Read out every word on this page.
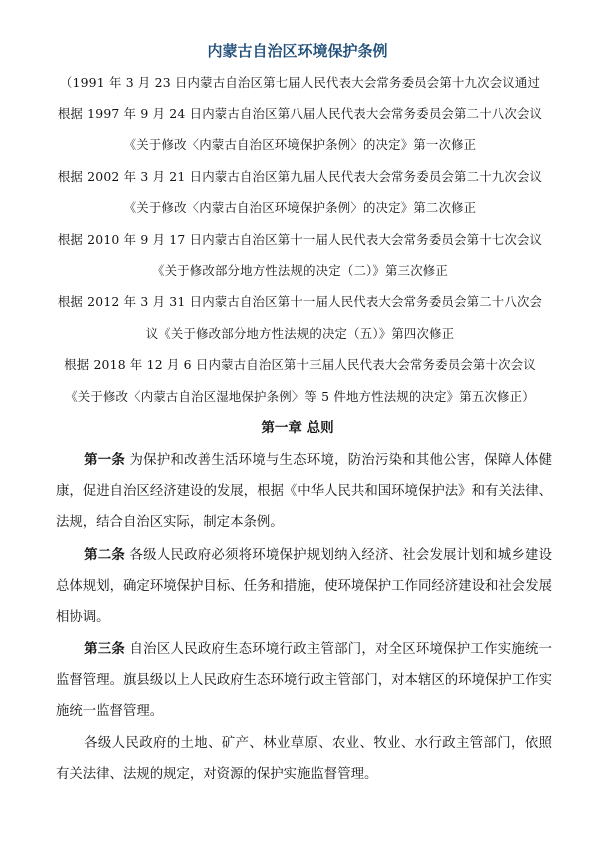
内蒙古自治区环境保护条例
（1991 年 3 月 23 日内蒙古自治区第七届人民代表大会常务委员会第十九次会议通过
根据 1997 年 9 月 24 日内蒙古自治区第八届人民代表大会常务委员会第二十八次会议
《关于修改〈内蒙古自治区环境保护条例〉的决定》第一次修正
根据 2002 年 3 月 21 日内蒙古自治区第九届人民代表大会常务委员会第二十九次会议
《关于修改〈内蒙古自治区环境保护条例〉的决定》第二次修正
根据 2010 年 9 月 17 日内蒙古自治区第十一届人民代表大会常务委员会第十七次会议
《关于修改部分地方性法规的决定（二）》第三次修正
根据 2012 年 3 月 31 日内蒙古自治区第十一届人民代表大会常务委员会第二十八次会
议《关于修改部分地方性法规的决定（五）》第四次修正
根据 2018 年 12 月 6 日内蒙古自治区第十三届人民代表大会常务委员会第十次会议
《关于修改〈内蒙古自治区湿地保护条例〉等 5 件地方性法规的决定》第五次修正）
第一章 总则
第一条 为保护和改善生活环境与生态环境，防治污染和其他公害，保障人体健康，促进自治区经济建设的发展，根据《中华人民共和国环境保护法》和有关法律、法规，结合自治区实际，制定本条例。
第二条 各级人民政府必须将环境保护规划纳入经济、社会发展计划和城乡建设总体规划，确定环境保护目标、任务和措施，使环境保护工作同经济建设和社会发展相协调。
第三条 自治区人民政府生态环境行政主管部门，对全区环境保护工作实施统一监督管理。旗县级以上人民政府生态环境行政主管部门，对本辖区的环境保护工作实施统一监督管理。
各级人民政府的土地、矿产、林业草原、农业、牧业、水行政主管部门，依照有关法律、法规的规定，对资源的保护实施监督管理。
